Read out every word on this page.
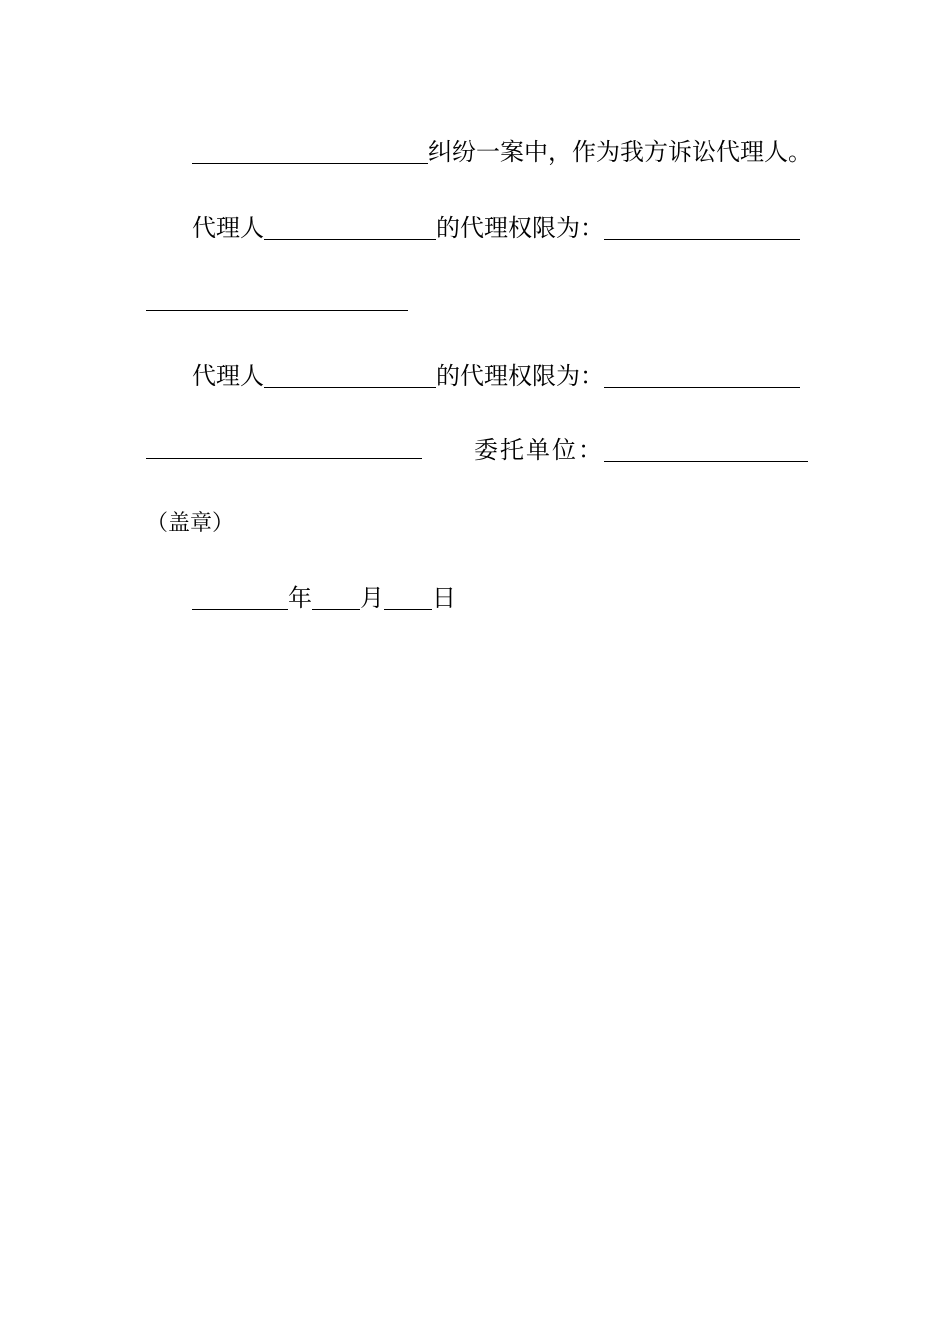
纠纷一案中，作为我方诉讼代理人。
代理人	的代理权限为：
代理人	的代理权限为：
委托单位：
（盖章）
年 月 日
